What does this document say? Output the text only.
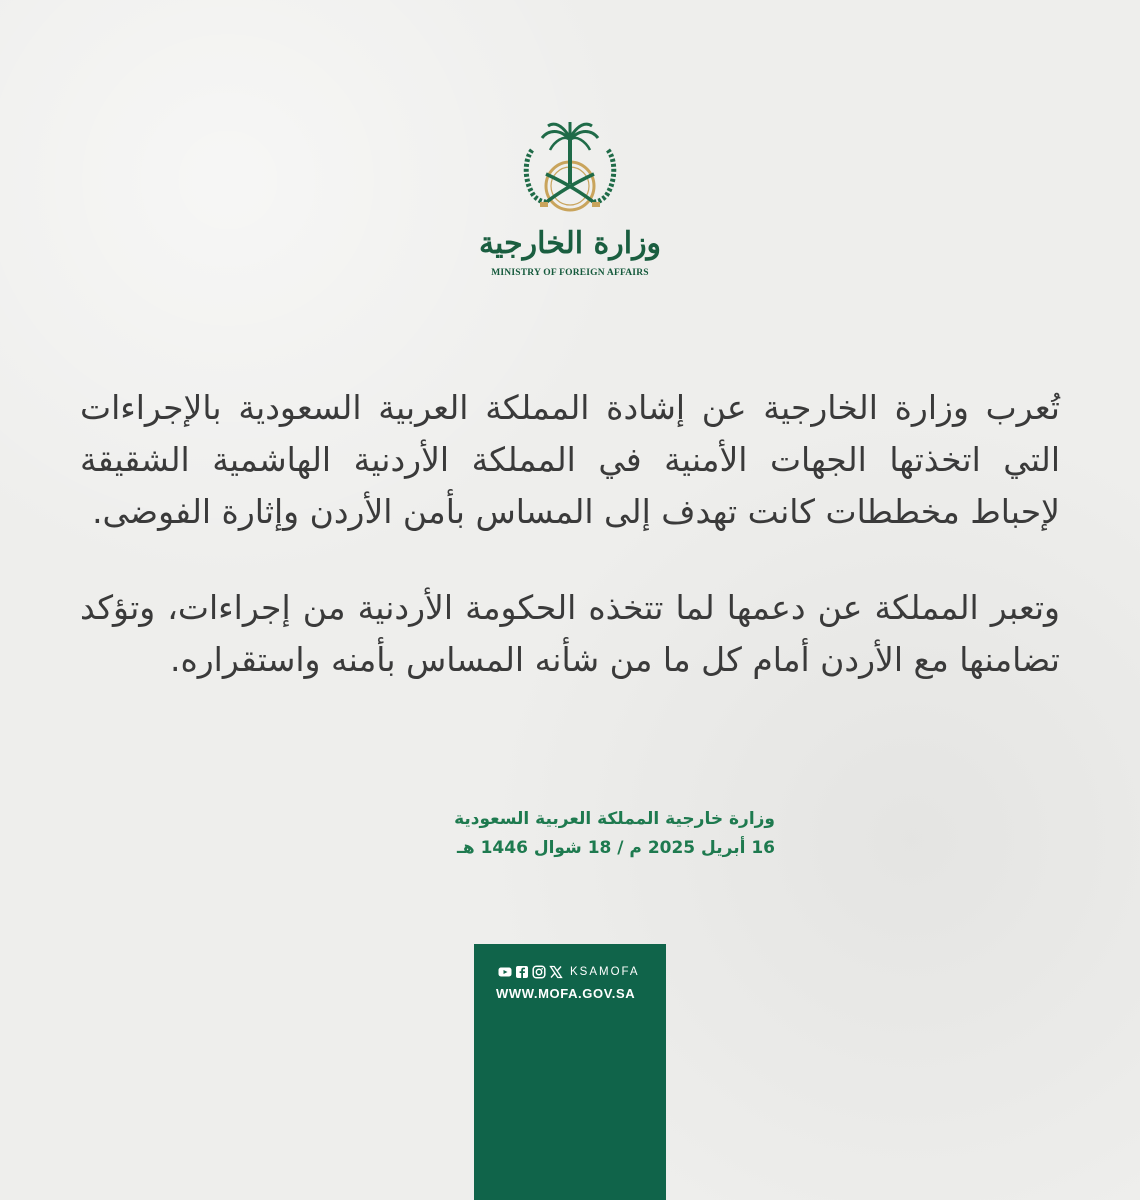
وزارة الخارجية
MINISTRY OF FOREIGN AFFAIRS

تُعرب وزارة الخارجية عن إشادة المملكة العربية السعودية بالإجراءات التي اتخذتها الجهات الأمنية في المملكة الأردنية الهاشمية الشقيقة لإحباط مخططات كانت تهدف إلى المساس بأمن الأردن وإثارة الفوضى.

وتعبر المملكة عن دعمها لما تتخذه الحكومة الأردنية من إجراءات، وتؤكد تضامنها مع الأردن أمام كل ما من شأنه المساس بأمنه واستقراره.

وزارة خارجية المملكة العربية السعودية
16 أبريل 2025 م / 18 شوال 1446 هـ
KSAMOFA
WWW.MOFA.GOV.SA
